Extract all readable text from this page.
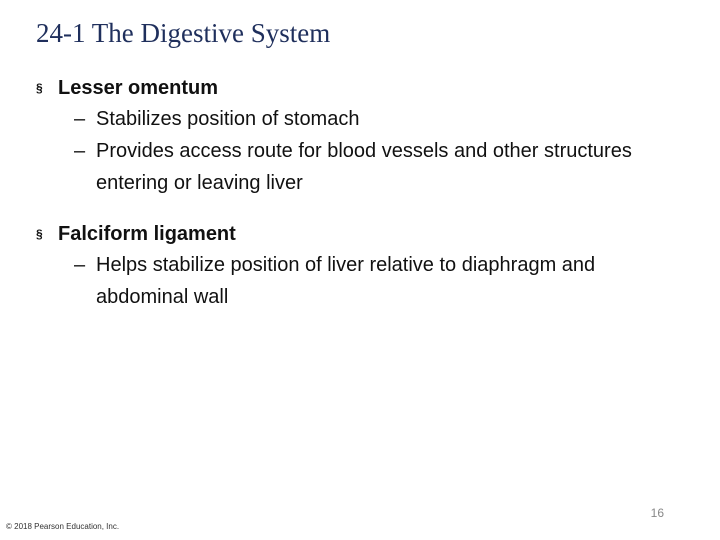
24-1 The Digestive System
§ Lesser omentum
– Stabilizes position of stomach
– Provides access route for blood vessels and other structures entering or leaving liver
§ Falciform ligament
– Helps stabilize position of liver relative to diaphragm and abdominal wall
16
© 2018 Pearson Education, Inc.
